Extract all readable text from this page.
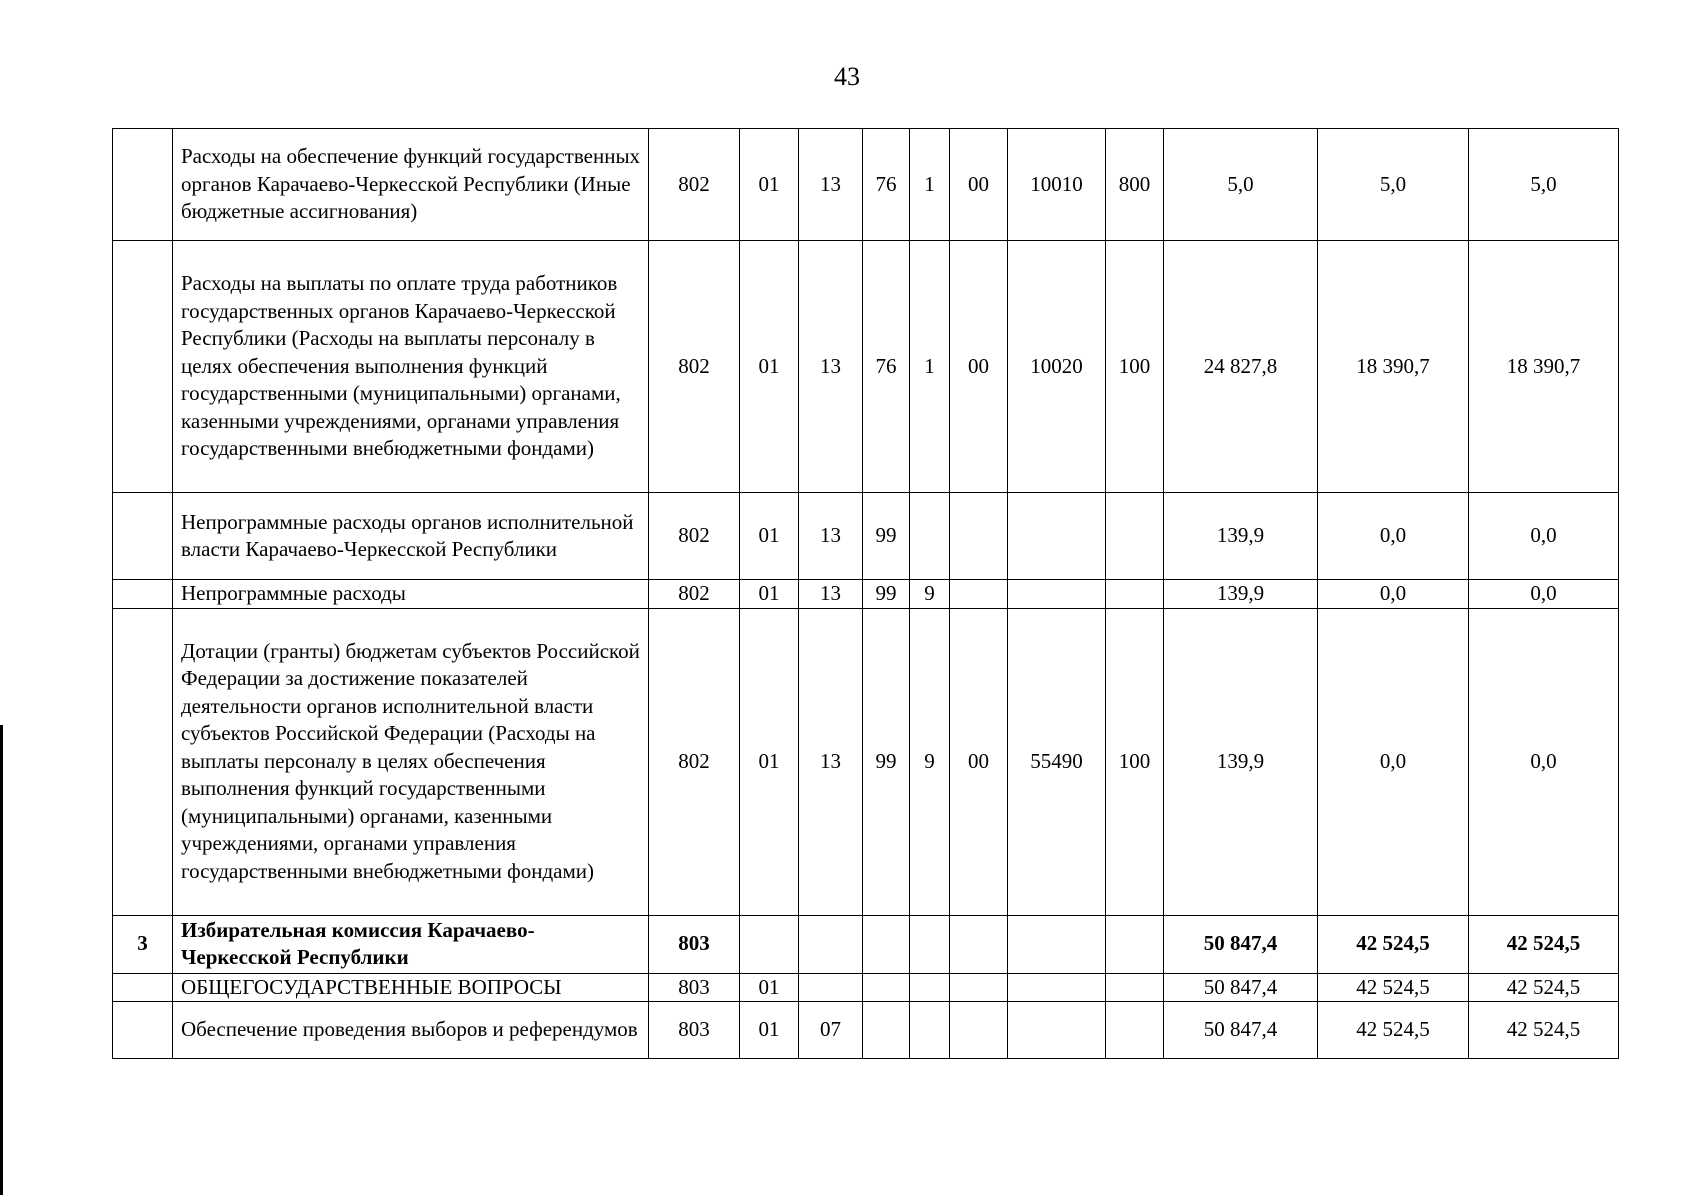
43
	Расходы на обеспечение функций государственных органов Карачаево-Черкесской Республики (Иные бюджетные ассигнования)	802	01	13	76	1	00	10010	800	5,0	5,0	5,0
	Расходы на выплаты по оплате труда работников государственных органов Карачаево-Черкесской Республики (Расходы на выплаты персоналу в целях обеспечения выполнения функций государственными (муниципальными) органами, казенными учреждениями, органами управления государственными внебюджетными фондами)	802	01	13	76	1	00	10020	100	24 827,8	18 390,7	18 390,7
	Непрограммные расходы органов исполнительной власти Карачаево-Черкесской Республики	802	01	13	99					139,9	0,0	0,0
	Непрограммные расходы	802	01	13	99	9				139,9	0,0	0,0
	Дотации (гранты) бюджетам субъектов Российской Федерации за достижение показателей деятельности органов исполнительной власти субъектов Российской Федерации (Расходы на выплаты персоналу в целях обеспечения выполнения функций государственными (муниципальными) органами, казенными учреждениями, органами управления государственными внебюджетными фондами)	802	01	13	99	9	00	55490	100	139,9	0,0	0,0
3	Избирательная комиссия Карачаево-Черкесской Республики	803								50 847,4	42 524,5	42 524,5
	ОБЩЕГОСУДАРСТВЕННЫЕ ВОПРОСЫ	803	01							50 847,4	42 524,5	42 524,5
	Обеспечение проведения выборов и референдумов	803	01	07						50 847,4	42 524,5	42 524,5
